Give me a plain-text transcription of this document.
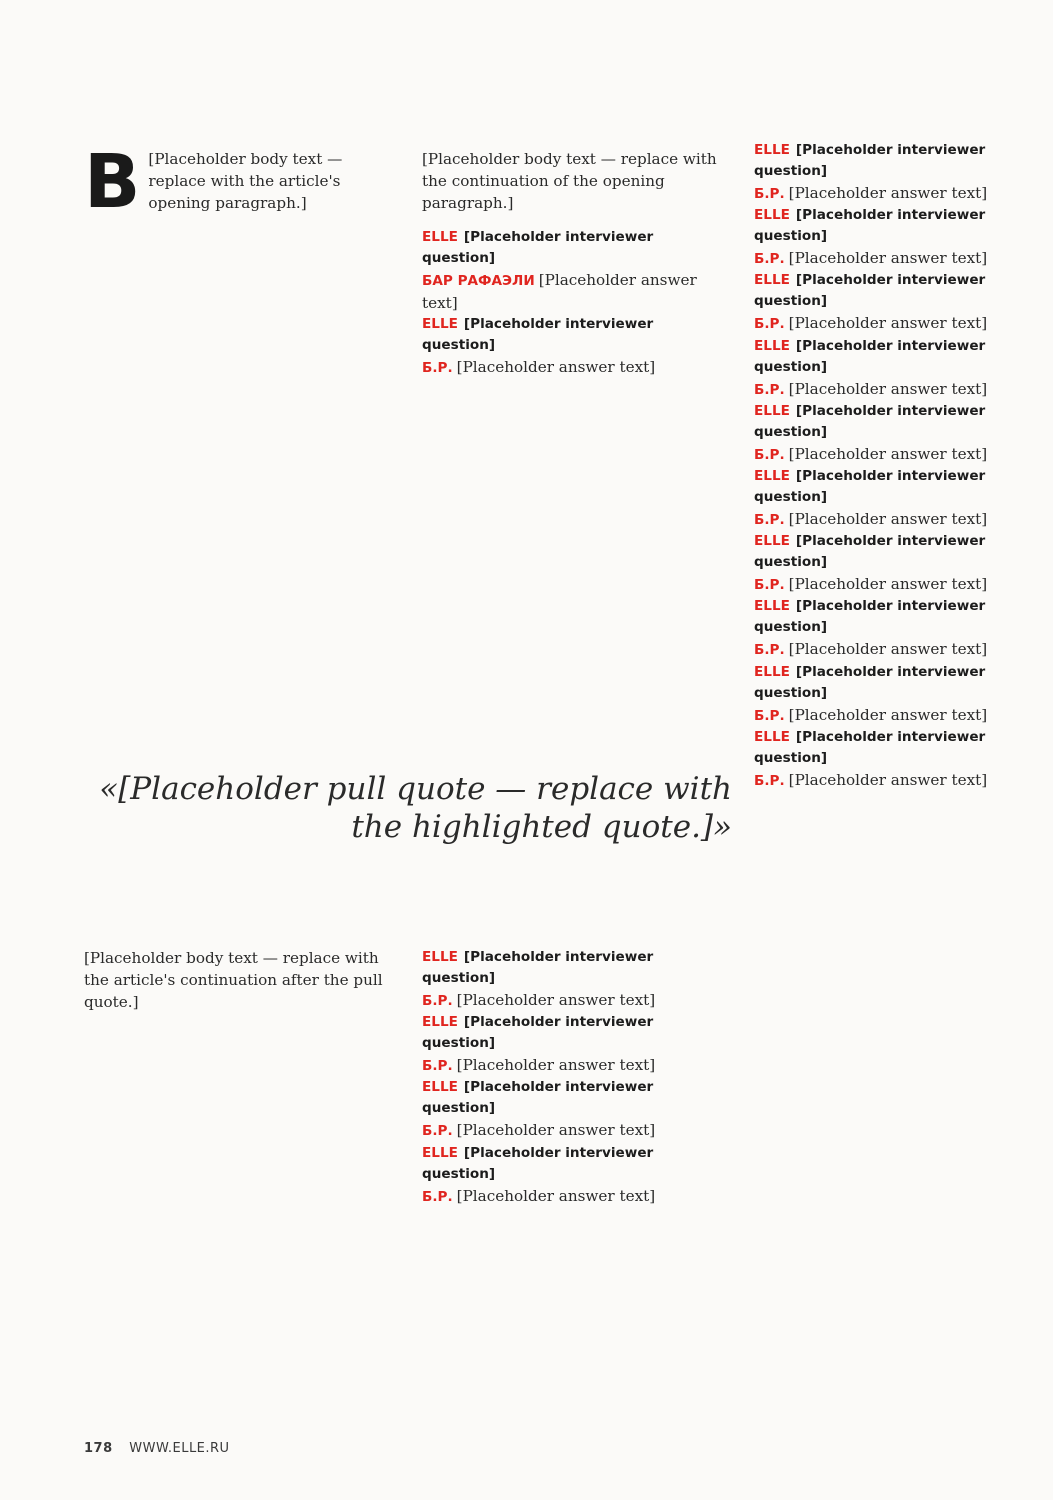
В [Placeholder body text — replace with the article's opening paragraph.]

[Placeholder body text — replace with the continuation of the opening paragraph.]

ELLE [Placeholder interviewer question]

БАР РАФАЭЛИ [Placeholder answer text]

ELLE [Placeholder interviewer question]

Б.Р. [Placeholder answer text]

«[Placeholder pull quote — replace with the highlighted quote.]»

[Placeholder body text — replace with the article's continuation after the pull quote.]

ELLE [Placeholder interviewer question]

Б.Р. [Placeholder answer text]

ELLE [Placeholder interviewer question]

Б.Р. [Placeholder answer text]

ELLE [Placeholder interviewer question]

Б.Р. [Placeholder answer text]

ELLE [Placeholder interviewer question]

Б.Р. [Placeholder answer text]

ELLE [Placeholder interviewer question]

Б.Р. [Placeholder answer text]

ELLE [Placeholder interviewer question]

Б.Р. [Placeholder answer text]

ELLE [Placeholder interviewer question]

Б.Р. [Placeholder answer text]

ELLE [Placeholder interviewer question]

Б.Р. [Placeholder answer text]

ELLE [Placeholder interviewer question]

Б.Р. [Placeholder answer text]

ELLE [Placeholder interviewer question]

Б.Р. [Placeholder answer text]

ELLE [Placeholder interviewer question]

Б.Р. [Placeholder answer text]

ELLE [Placeholder interviewer question]

Б.Р. [Placeholder answer text]

ELLE [Placeholder interviewer question]

Б.Р. [Placeholder answer text]

ELLE [Placeholder interviewer question]

Б.Р. [Placeholder answer text]

178 WWW.ELLE.RU
